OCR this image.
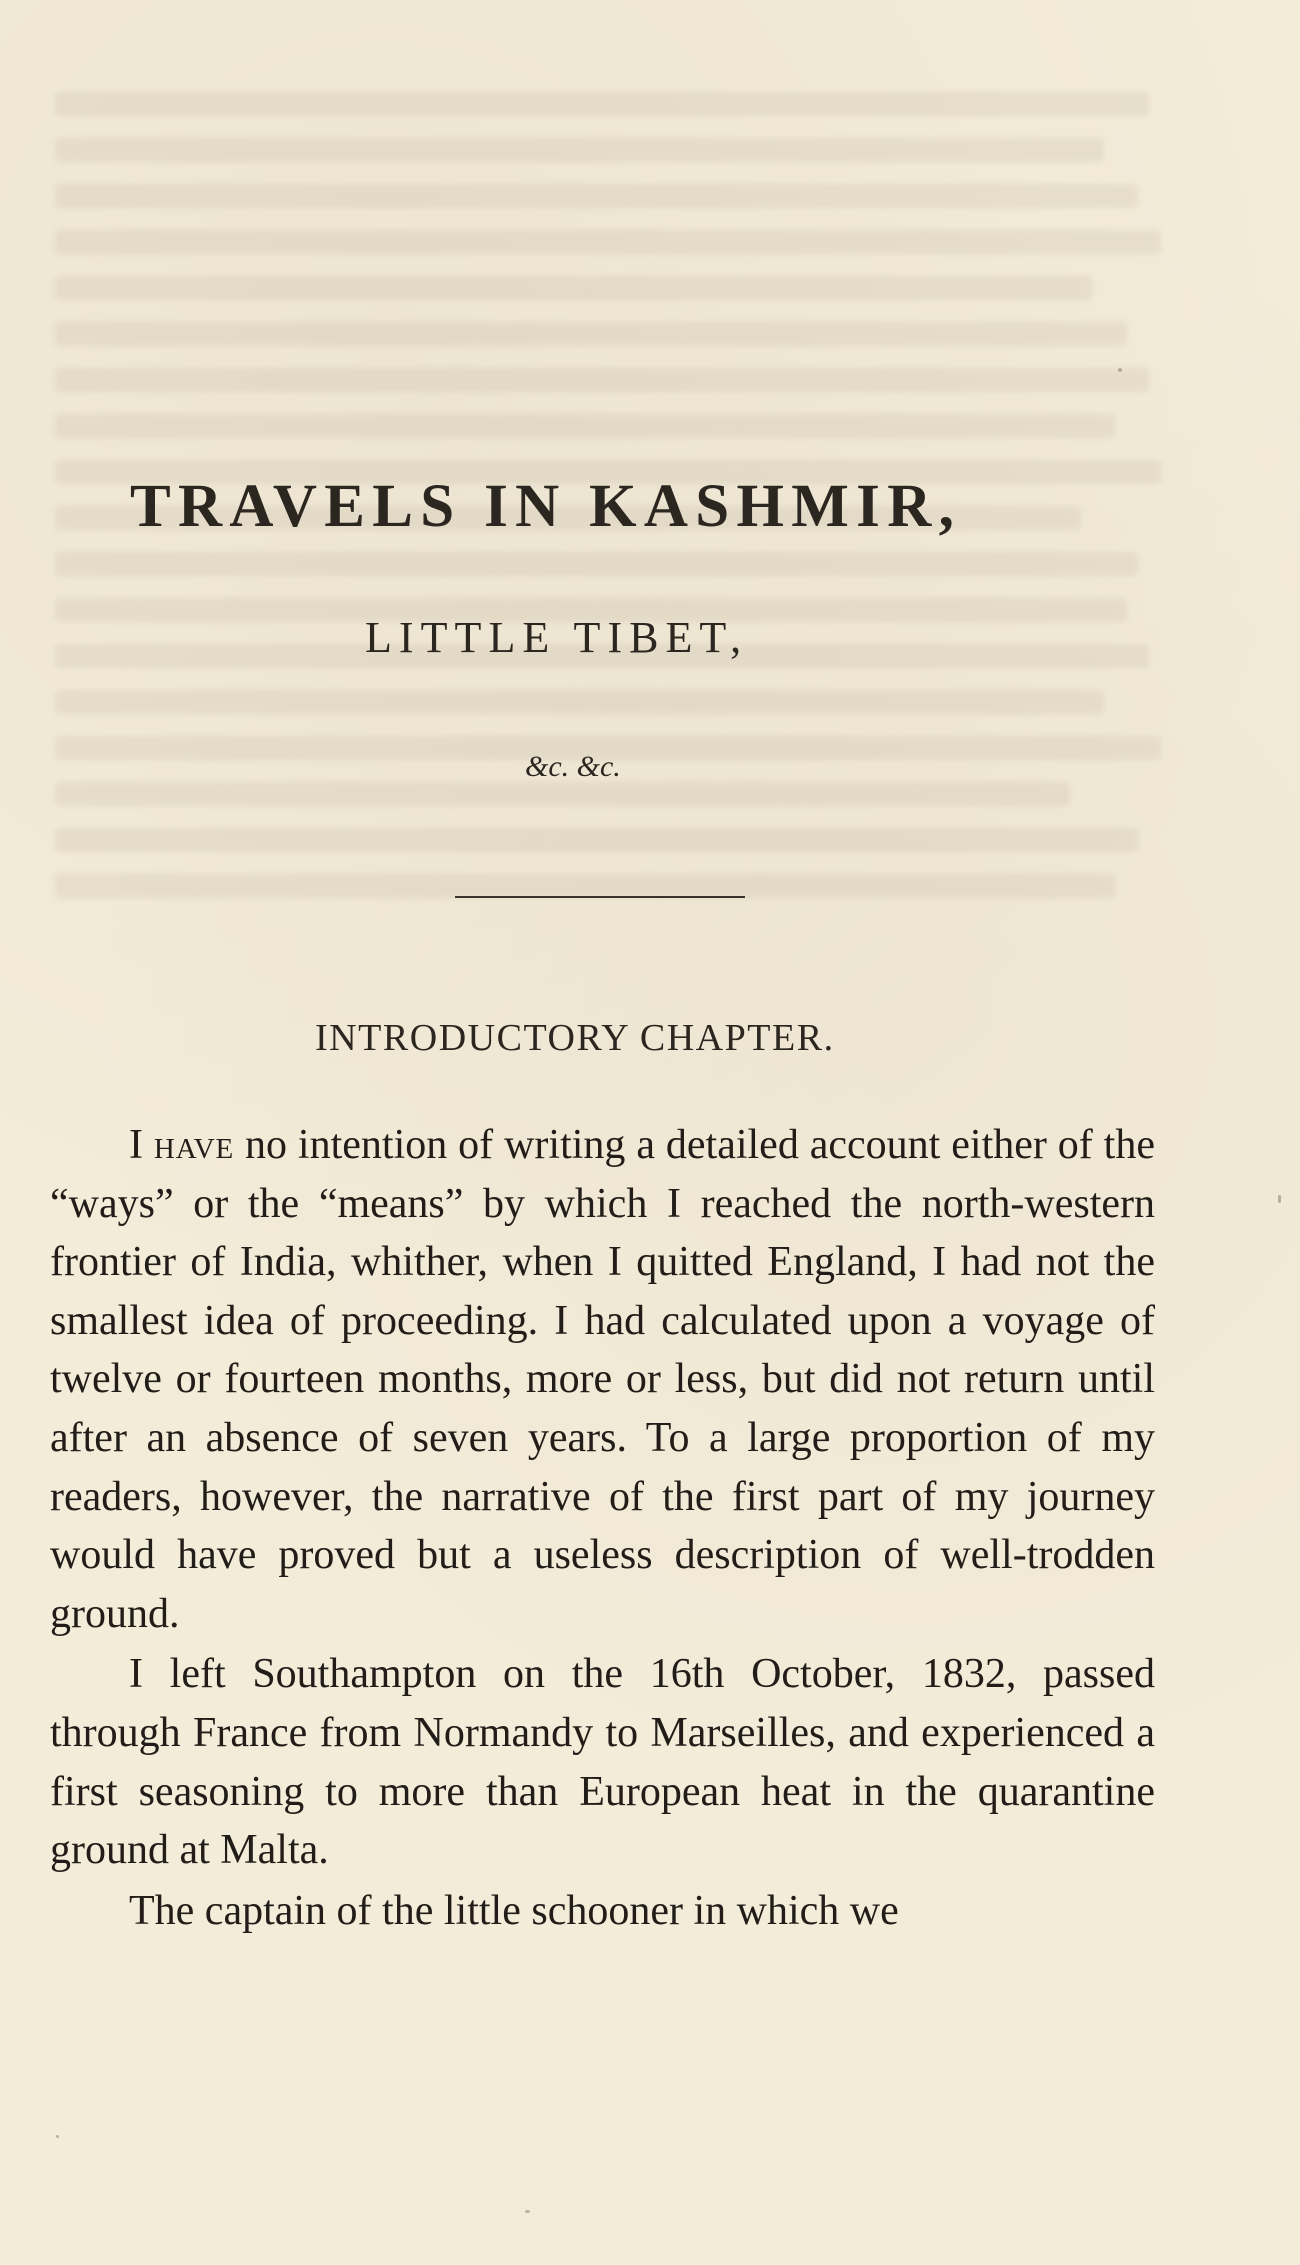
TRAVELS IN KASHMIR,
LITTLE TIBET,
&c. &c.
INTRODUCTORY CHAPTER.

I have no intention of writing a detailed account either of the “ways” or the “means” by which I reached the north-western frontier of India, whither, when I quitted England, I had not the smallest idea of proceeding. I had calculated upon a voyage of twelve or fourteen months, more or less, but did not return until after an absence of seven years. To a large proportion of my readers, however, the narrative of the first part of my journey would have proved but a useless description of well-trodden ground.

I left Southampton on the 16th October, 1832, passed through France from Normandy to Marseilles, and experienced a first seasoning to more than European heat in the quarantine ground at Malta.

The captain of the little schooner in which we
